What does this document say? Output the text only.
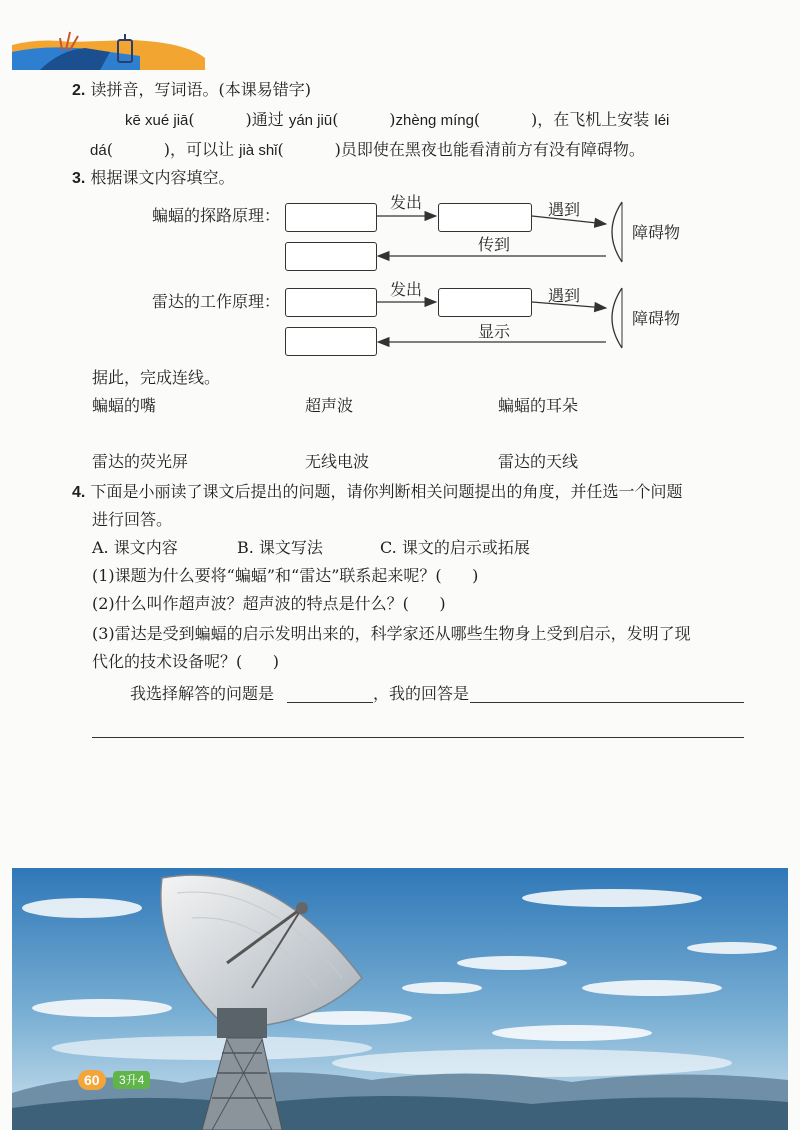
2. 读拼音，写词语。(本课易错字)
kē xué jiā(          )通过 yán jiū(          )zhèng míng(          )，在飞机上安装 léi
dá(          )，可以让 jià shǐ(          )员即使在黑夜也能看清前方有没有障碍物。
3. 根据课文内容填空。
蝙蝠的探路原理：
发出	遇到
传到
障碍物
雷达的工作原理：
发出	遇到
显示
障碍物
据此，完成连线。
蝙蝠的嘴	超声波	蝙蝠的耳朵
雷达的荧光屏	无线电波	雷达的天线
4. 下面是小丽读了课文后提出的问题，请你判断相关问题提出的角度，并任选一个问题
进行回答。
A. 课文内容	B. 课文写法	C. 课文的启示或拓展
(1)课题为什么要将“蝙蝠”和“雷达”联系起来呢？(      )
(2)什么叫作超声波？超声波的特点是什么？(      )
(3)雷达是受到蝙蝠的启示发明出来的，科学家还从哪些生物身上受到启示，发明了现
代化的技术设备呢？(      )
我选择解答的问题是	，我的回答是
60	3升4
